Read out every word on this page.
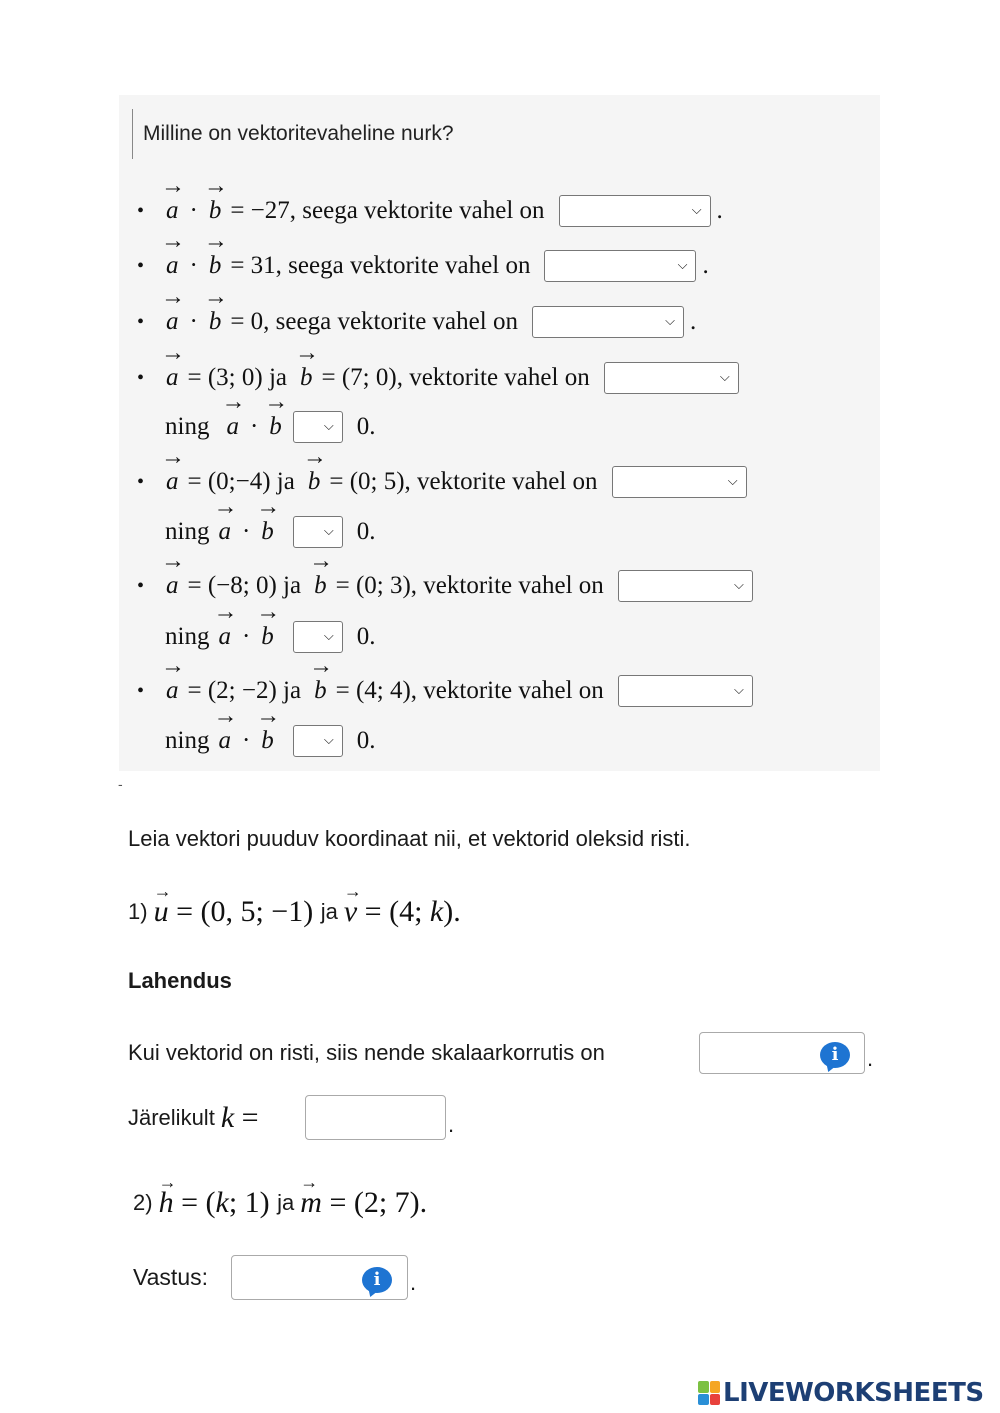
Milline on vektoritevaheline nurk?
• → a · → b = −27, seega vektorite vahel on	⌵ .
• → a · → b = 31, seega vektorite vahel on	⌵ .
• → a · → b = 0, seega vektorite vahel on	⌵ .
• → a = (3; 0) ja → b = (7; 0), vektorite vahel on	⌵
ning → a · → b	⌵ 0.
• → a = (0;−4) ja → b = (0; 5), vektorite vahel on	⌵
ning → a · → b	⌵ 0.
• → a = (−8; 0) ja → b = (0; 3), vektorite vahel on	⌵
ning → a · → b	⌵ 0.
• → a = (2; −2) ja → b = (4; 4), vektorite vahel on	⌵
ning → a · → b	⌵ 0.
-
Leia vektori puuduv koordinaat nii, et vektorid oleksid risti.
1) → u = (0, 5; −1) ja → v = (4; k ).
Lahendus
Kui vektorid on risti, siis nende skalaarkorrutis on	i	.
Järelikult k =	.
2) → h = ( k ; 1) ja → m = (2; 7).
Vastus:	i	.
LIVEWORKSHEETS
